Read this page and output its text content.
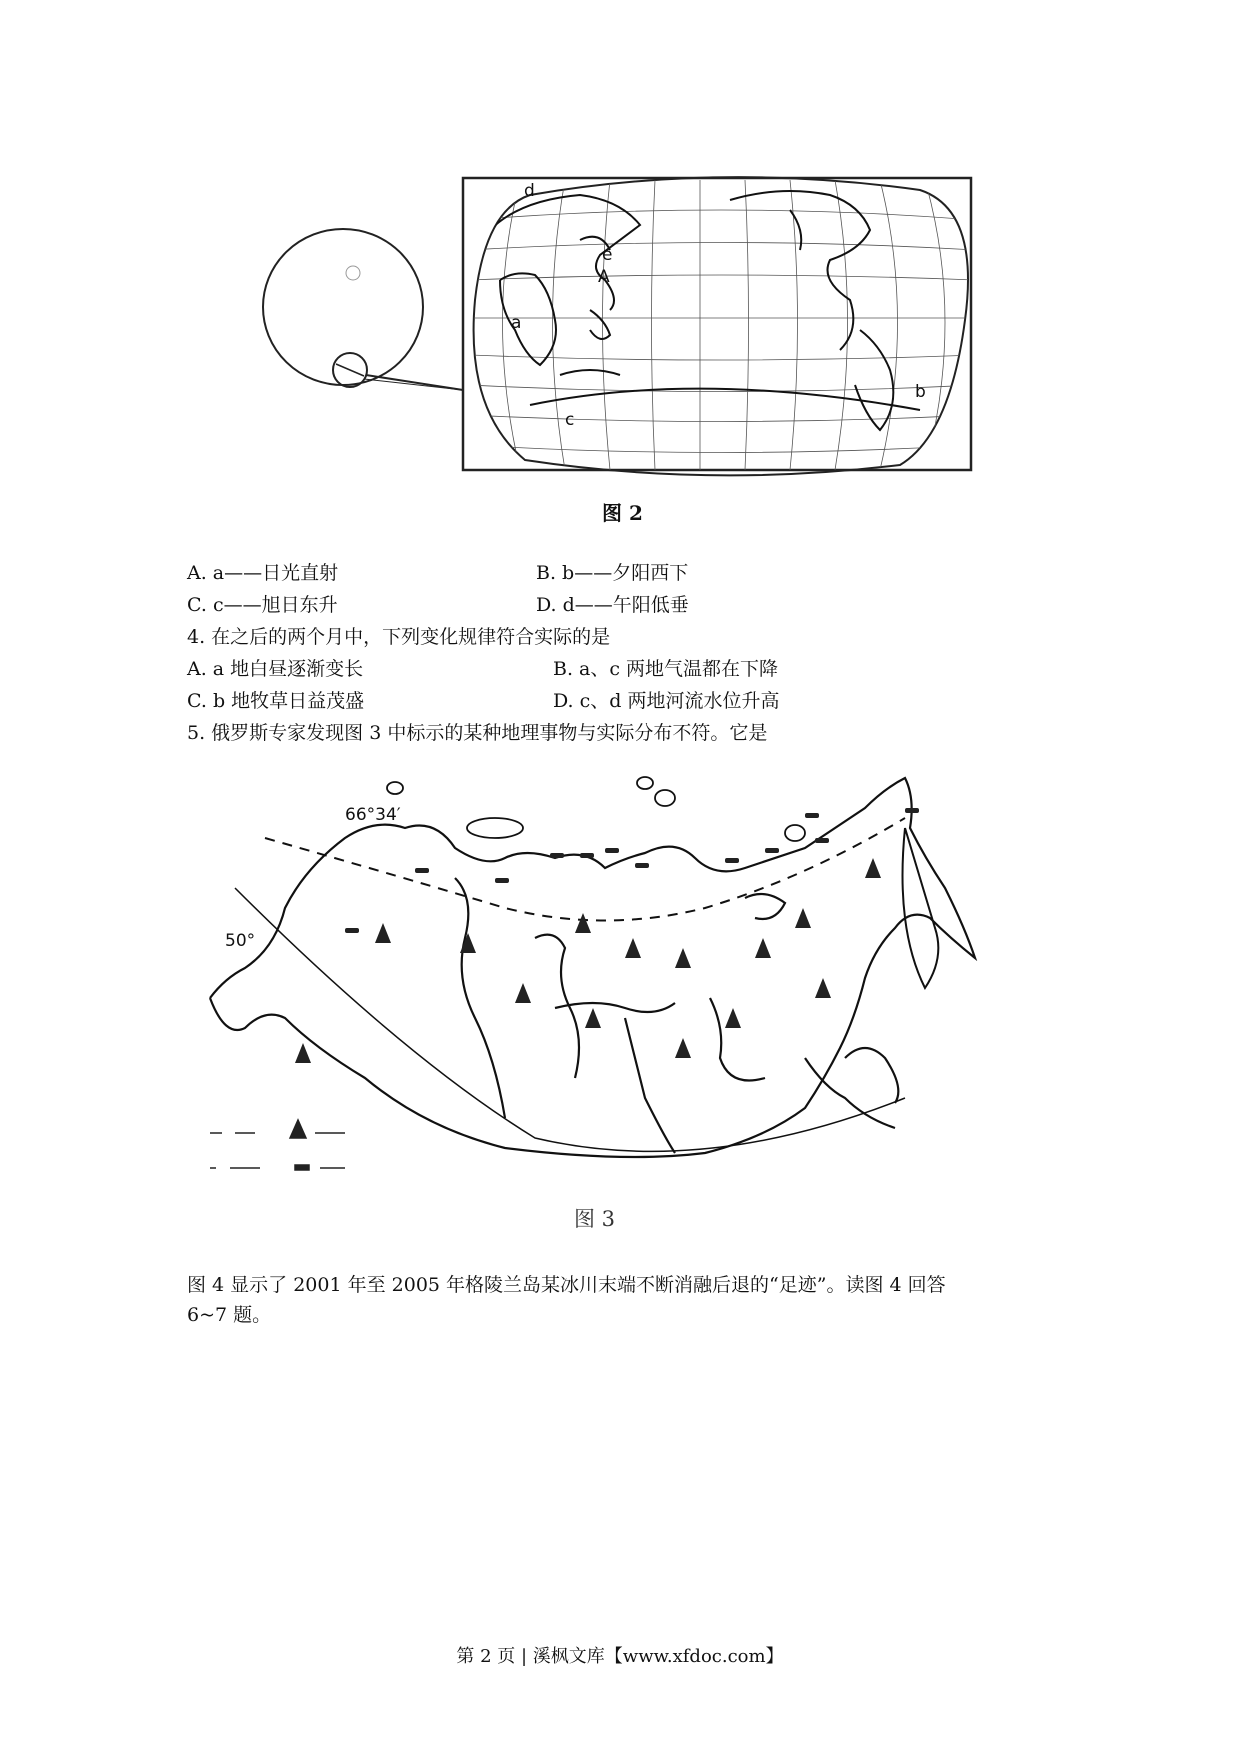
d
e
A
a
b
c
图 2
A. a——日光直射	B. b——夕阳西下
C. c——旭日东升	D. d——午阳低垂
4. 在之后的两个月中，下列变化规律符合实际的是
A. a 地白昼逐渐变长	B. a、c 两地气温都在下降
C. b 地牧草日益茂盛	D. c、d 两地河流水位升高
5. 俄罗斯专家发现图 3 中标示的某种地理事物与实际分布不符。它是
66°34′
50°
图 3
图 4 显示了 2001 年至 2005 年格陵兰岛某冰川末端不断消融后退的“足迹”。读图 4 回答
6~7 题。
第 2 页 | 溪枫文库【www.xfdoc.com】
